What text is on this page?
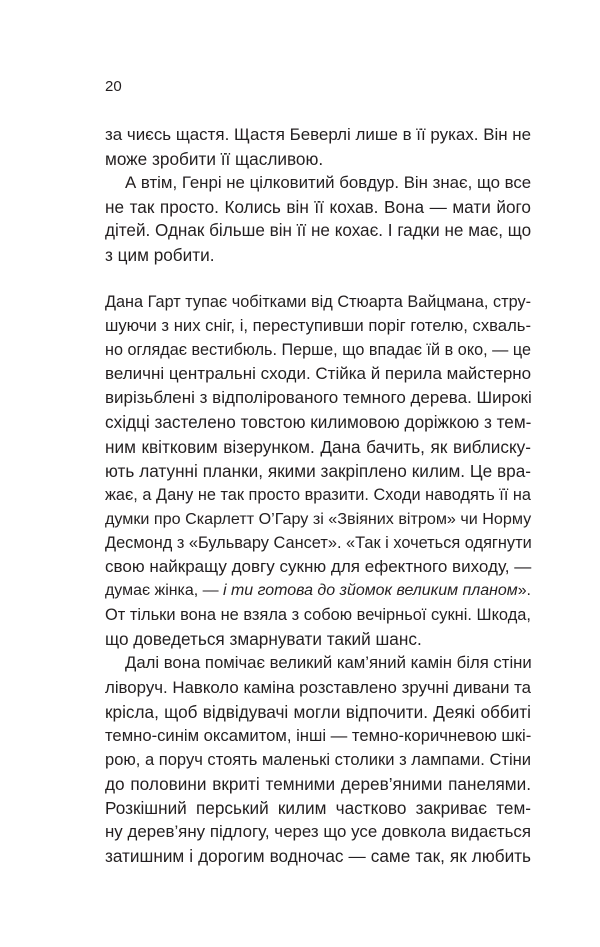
20
за чиєсь щастя. Щастя Беверлі лише в її руках. Він не
може зробити її щасливою.
А втім, Генрі не цілковитий бовдур. Він знає, що все
не так просто. Колись він її кохав. Вона — мати його
дітей. Однак більше він її не кохає. І гадки не має, що
з цим робити.
Дана Гарт тупає чобітками від Стюарта Вайцмана, стру-
шуючи з них сніг, і, переступивши поріг готелю, схваль-
но оглядає вестибюль. Перше, що впадає їй в око, — це
величні центральні сходи. Стійка й перила майстерно
вирізьблені з відполірованого темного дерева. Широкі
східці застелено товстою килимовою доріжкою з тем-
ним квітковим візерунком. Дана бачить, як виблиску-
ють латунні планки, якими закріплено килим. Це вра-
жає, а Дану не так просто вразити. Сходи наводять її на
думки про Скарлетт О’Гару зі «Звіяних вітром» чи Норму
Десмонд з «Бульвару Сансет». «Так і хочеться одягнути
свою найкращу довгу сукню для ефектного виходу, —
думає жінка, — і ти готова до зйомок великим планом».
От тільки вона не взяла з собою вечірньої сукні. Шкода,
що доведеться змарнувати такий шанс.
Далі вона помічає великий кам’яний камін біля стіни
ліворуч. Навколо каміна розставлено зручні дивани та
крісла, щоб відвідувачі могли відпочити. Деякі оббиті
темно-синім оксамитом, інші — темно-коричневою шкі-
рою, а поруч стоять маленькі столики з лампами. Стіни
до половини вкриті темними дерев’яними панелями.
Розкішний перський килим частково закриває тем-
ну дерев’яну підлогу, через що усе довкола видається
затишним і дорогим водночас — саме так, як любить
